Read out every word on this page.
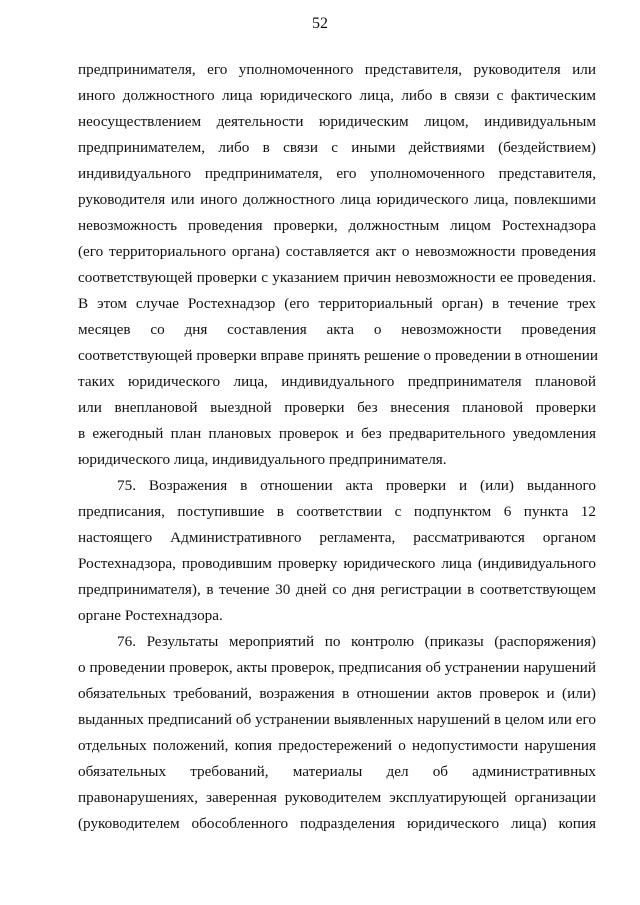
52
предпринимателя, его уполномоченного представителя, руководителя или
иного должностного лица юридического лица, либо в связи с фактическим
неосуществлением деятельности юридическим лицом, индивидуальным
предпринимателем, либо в связи с иными действиями (бездействием)
индивидуального предпринимателя, его уполномоченного представителя,
руководителя или иного должностного лица юридического лица, повлекшими
невозможность проведения проверки, должностным лицом Ростехнадзора
(его территориального органа) составляется акт о невозможности проведения
соответствующей проверки с указанием причин невозможности ее проведения.
В этом случае Ростехнадзор (его территориальный орган) в течение трех
месяцев со дня составления акта о невозможности проведения
соответствующей проверки вправе принять решение о проведении в отношении
таких юридического лица, индивидуального предпринимателя плановой
или внеплановой выездной проверки без внесения плановой проверки
в ежегодный план плановых проверок и без предварительного уведомления
юридического лица, индивидуального предпринимателя.
75. Возражения в отношении акта проверки и (или) выданного
предписания, поступившие в соответствии с подпунктом 6 пункта 12
настоящего Административного регламента, рассматриваются органом
Ростехнадзора, проводившим проверку юридического лица (индивидуального
предпринимателя), в течение 30 дней со дня регистрации в соответствующем
органе Ростехнадзора.
76. Результаты мероприятий по контролю (приказы (распоряжения)
о проведении проверок, акты проверок, предписания об устранении нарушений
обязательных требований, возражения в отношении актов проверок и (или)
выданных предписаний об устранении выявленных нарушений в целом или его
отдельных положений, копия предостережений о недопустимости нарушения
обязательных требований, материалы дел об административных
правонарушениях, заверенная руководителем эксплуатирующей организации
(руководителем обособленного подразделения юридического лица) копия
